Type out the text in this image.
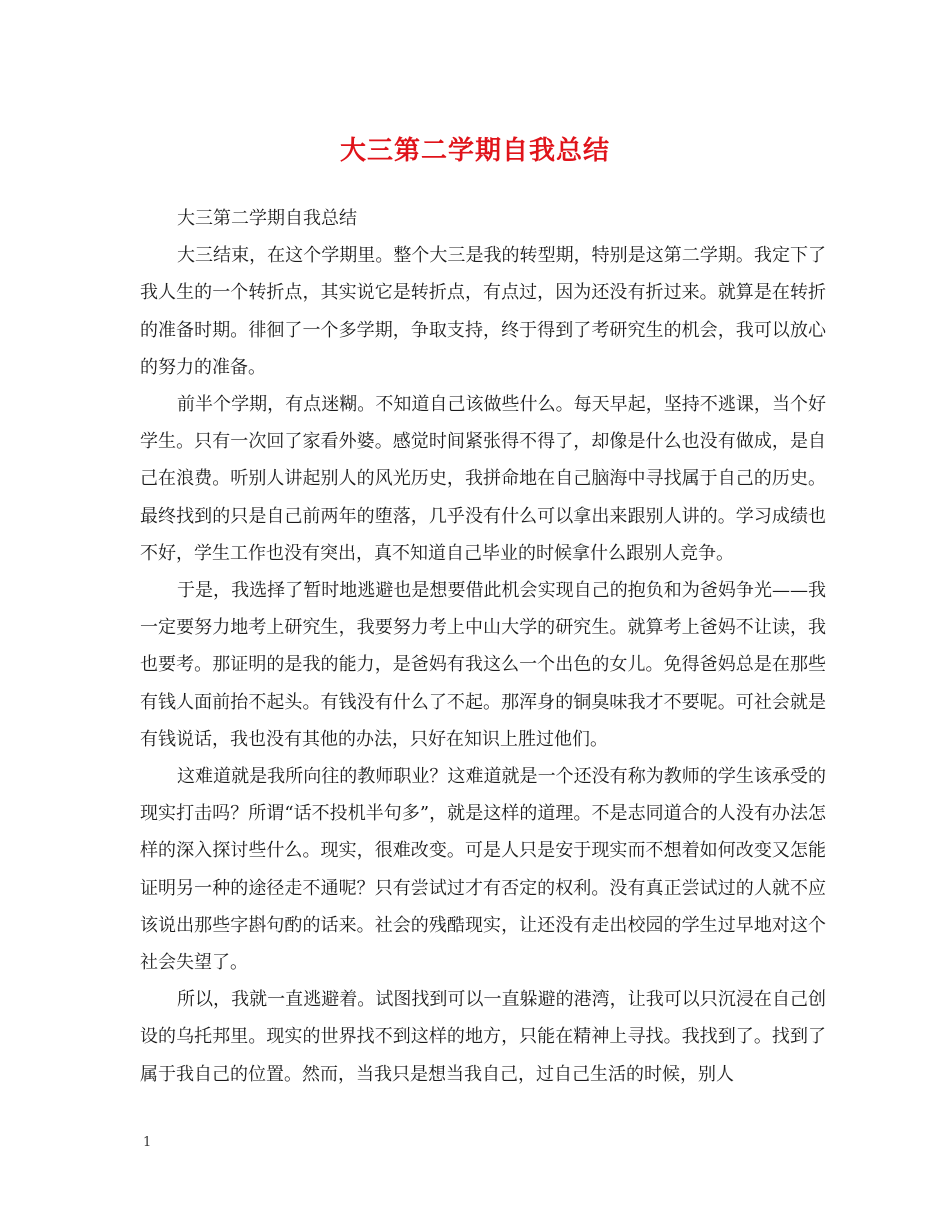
大三第二学期自我总结

大三第二学期自我总结

大三结束，在这个学期里。整个大三是我的转型期，特别是这第二学期。我定下了我人生的一个转折点，其实说它是转折点，有点过，因为还没有折过来。就算是在转折的准备时期。徘徊了一个多学期，争取支持，终于得到了考研究生的机会，我可以放心的努力的准备。

前半个学期，有点迷糊。不知道自己该做些什么。每天早起，坚持不逃课，当个好学生。只有一次回了家看外婆。感觉时间紧张得不得了，却像是什么也没有做成，是自己在浪费。听别人讲起别人的风光历史，我拼命地在自己脑海中寻找属于自己的历史。最终找到的只是自己前两年的堕落，几乎没有什么可以拿出来跟别人讲的。学习成绩也不好，学生工作也没有突出，真不知道自己毕业的时候拿什么跟别人竞争。

于是，我选择了暂时地逃避也是想要借此机会实现自己的抱负和为爸妈争光——我一定要努力地考上研究生，我要努力考上中山大学的研究生。就算考上爸妈不让读，我也要考。那证明的是我的能力，是爸妈有我这么一个出色的女儿。免得爸妈总是在那些有钱人面前抬不起头。有钱没有什么了不起。那浑身的铜臭味我才不要呢。可社会就是有钱说话，我也没有其他的办法，只好在知识上胜过他们。

这难道就是我所向往的教师职业？这难道就是一个还没有称为教师的学生该承受的现实打击吗？所谓“话不投机半句多”，就是这样的道理。不是志同道合的人没有办法怎样的深入探讨些什么。现实，很难改变。可是人只是安于现实而不想着如何改变又怎能证明另一种的途径走不通呢？只有尝试过才有否定的权利。没有真正尝试过的人就不应该说出那些字斟句酌的话来。社会的残酷现实，让还没有走出校园的学生过早地对这个社会失望了。

所以，我就一直逃避着。试图找到可以一直躲避的港湾，让我可以只沉浸在自己创设的乌托邦里。现实的世界找不到这样的地方，只能在精神上寻找。我找到了。找到了属于我自己的位置。然而，当我只是想当我自己，过自己生活的时候，别人

1
